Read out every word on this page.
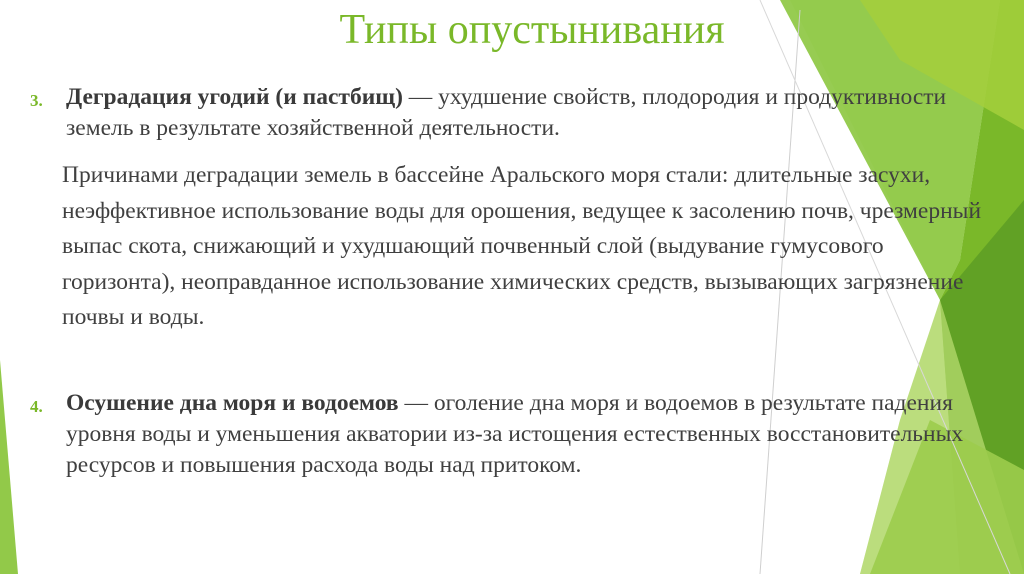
Типы опустынивания
3. Деградация угодий (и пастбищ) — ухудшение свойств, плодородия и продуктивности земель в результате хозяйственной деятельности.
Причинами деградации земель в бассейне Аральского моря стали: длительные засухи, неэффективное использование воды для орошения, ведущее к засолению почв, чрезмерный выпас скота, снижающий и ухудшающий почвенный слой (выдувание гумусового горизонта), неоправданное использование химических средств, вызывающих загрязнение почвы и воды.
4. Осушение дна моря и водоемов — оголение дна моря и водоемов в результате падения уровня воды и уменьшения акватории из-за истощения естественных восстановительных ресурсов и повышения расхода воды над притоком.
